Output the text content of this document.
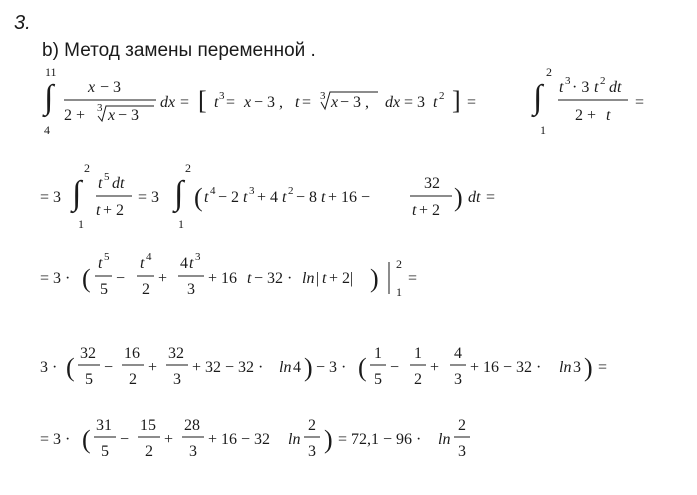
3.
b) Метод замены переменной .
11
∫
4
x − 3
2 + 3 x − 3
dx = [ t 3 = x − 3 , t = 3 x − 3 , dx = 3 t 2 ] =
2
∫
1
t 3 · 3 t 2 dt
2 + t
=
= 3
2
∫
1
t 5 dt
t + 2
= 3
2
∫
1
( t 4 − 2 t 3 + 4 t 2 − 8 t + 16 −
32
t + 2 ) dt =
= 3 · (
t 5
5
−
t 4
2
+
4 t 3
3
+ 16 t − 32 · ln | t + 2| ) 2
1
=
3 · ( 32
5
−
16
2
+
32
3
+ 32 − 32 · ln 4 ) − 3 · ( 1
5
−
1
2
+
4
3
+ 16 − 32 · ln 3 ) =
= 3 · ( 31
5
−
15
2
+
28
3
+ 16 − 32 ln
2
3 ) = 72,1 − 96 · ln
2
3
